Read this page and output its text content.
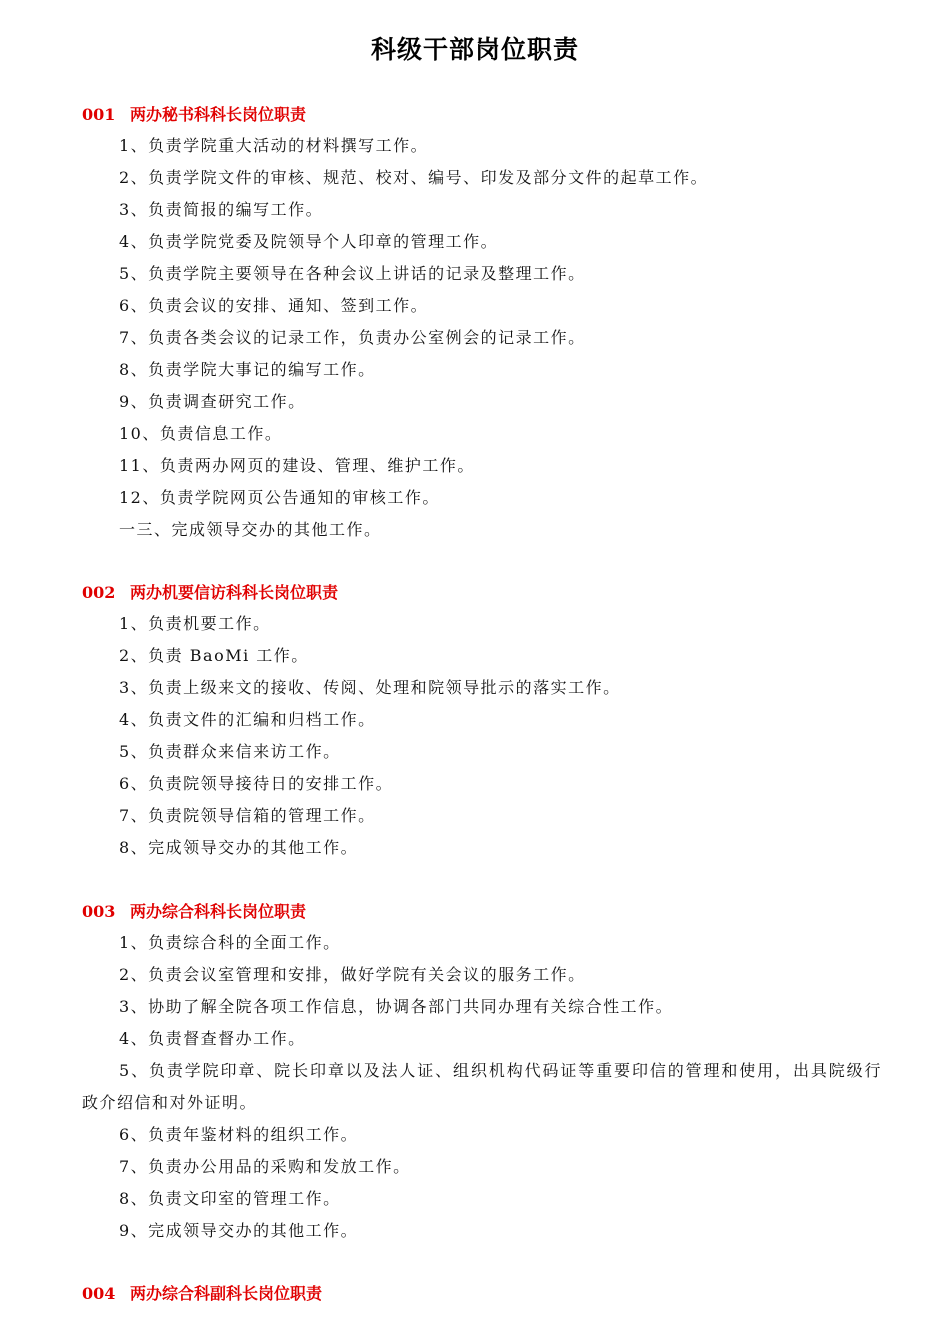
科级干部岗位职责
001 两办秘书科科长岗位职责
1、负责学院重大活动的材料撰写工作。
2、负责学院文件的审核、规范、校对、编号、印发及部分文件的起草工作。
3、负责简报的编写工作。
4、负责学院党委及院领导个人印章的管理工作。
5、负责学院主要领导在各种会议上讲话的记录及整理工作。
6、负责会议的安排、通知、签到工作。
7、负责各类会议的记录工作，负责办公室例会的记录工作。
8、负责学院大事记的编写工作。
9、负责调查研究工作。
10、负责信息工作。
11、负责两办网页的建设、管理、维护工作。
12、负责学院网页公告通知的审核工作。
一三、完成领导交办的其他工作。
002 两办机要信访科科长岗位职责
1、负责机要工作。
2、负责 BaoMi 工作。
3、负责上级来文的接收、传阅、处理和院领导批示的落实工作。
4、负责文件的汇编和归档工作。
5、负责群众来信来访工作。
6、负责院领导接待日的安排工作。
7、负责院领导信箱的管理工作。
8、完成领导交办的其他工作。
003 两办综合科科长岗位职责
1、负责综合科的全面工作。
2、负责会议室管理和安排，做好学院有关会议的服务工作。
3、协助了解全院各项工作信息，协调各部门共同办理有关综合性工作。
4、负责督查督办工作。
5、负责学院印章、院长印章以及法人证、组织机构代码证等重要印信的管理和使用，出具院级行政介绍信和对外证明。
6、负责年鉴材料的组织工作。
7、负责办公用品的采购和发放工作。
8、负责文印室的管理工作。
9、完成领导交办的其他工作。
004 两办综合科副科长岗位职责
